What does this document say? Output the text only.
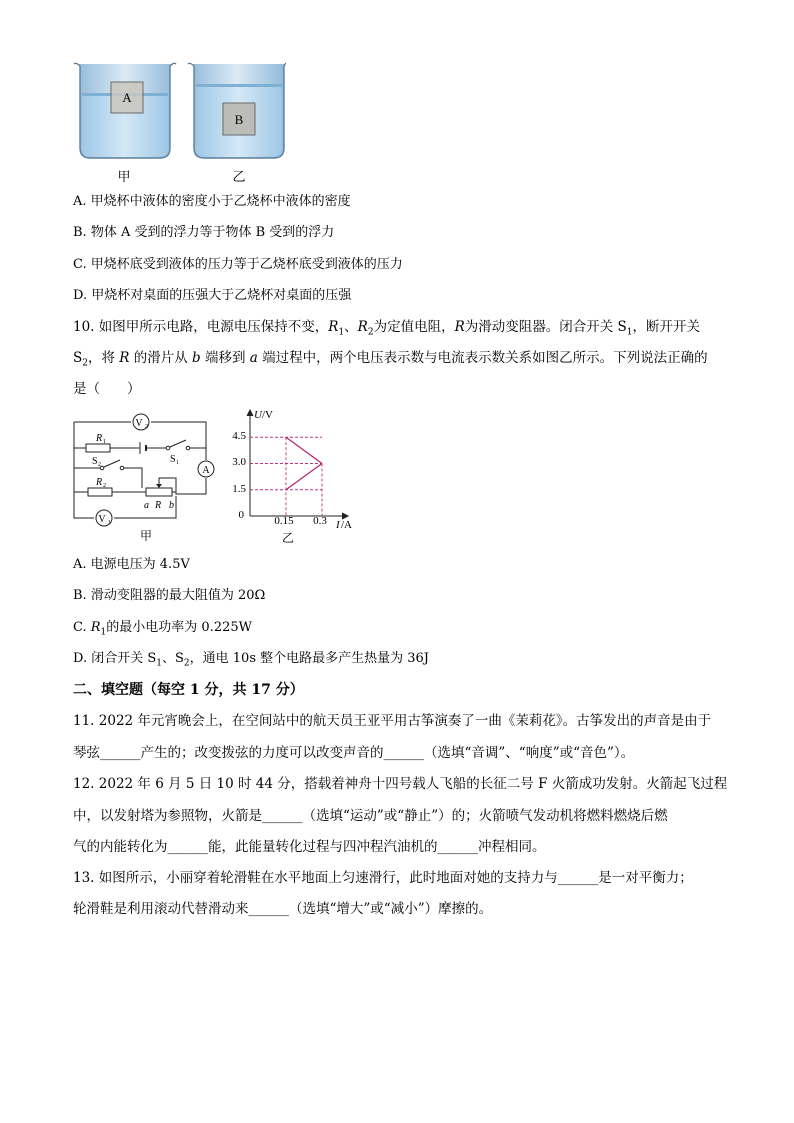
A
B
甲	乙
A. 甲烧杯中液体的密度小于乙烧杯中液体的密度
B. 物体 A 受到的浮力等于物体 B 受到的浮力
C. 甲烧杯底受到液体的压力等于乙烧杯底受到液体的压力
D. 甲烧杯对桌面的压强大于乙烧杯对桌面的压强
10. 如图甲所示电路，电源电压保持不变，$R_1$、$R_2$为定值电阻，R为滑动变阻器。闭合开关 $S_1$，断开开关
$S_2$，将 R 的滑片从 b 端移到 a 端过程中，两个电压表示数与电流表示数关系如图乙所示。下列说法正确的
是（　　）
V 2
V 1
A
R 1
S 1
S 2
R 2
a R b
甲
U /V
I /A
4.5
3.0
1.5
0	0.15 0.3
乙
A. 电源电压为 4.5V
B. 滑动变阻器的最大阻值为 20Ω
C. $R_1$的最小电功率为 0.225W
D. 闭合开关 $S_1$、$S_2$，通电 10s 整个电路最多产生热量为 36J
二、填空题（每空 1 分，共 17 分）
11. 2022 年元宵晚会上，在空间站中的航天员王亚平用古筝演奏了一曲《茉莉花》。古筝发出的声音是由于
琴弦______产生的；改变拨弦的力度可以改变声音的______（选填“音调”、“响度”或“音色”）。
12. 2022 年 6 月 5 日 10 时 44 分，搭载着神舟十四号载人飞船的长征二号 F 火箭成功发射。火箭起飞过程
中，以发射塔为参照物，火箭是______（选填“运动”或“静止”）的；火箭喷气发动机将燃料燃烧后燃
气的内能转化为______能，此能量转化过程与四冲程汽油机的______冲程相同。
13. 如图所示，小丽穿着轮滑鞋在水平地面上匀速滑行，此时地面对她的支持力与______是一对平衡力；
轮滑鞋是利用滚动代替滑动来______（选填“增大”或“减小”）摩擦的。
